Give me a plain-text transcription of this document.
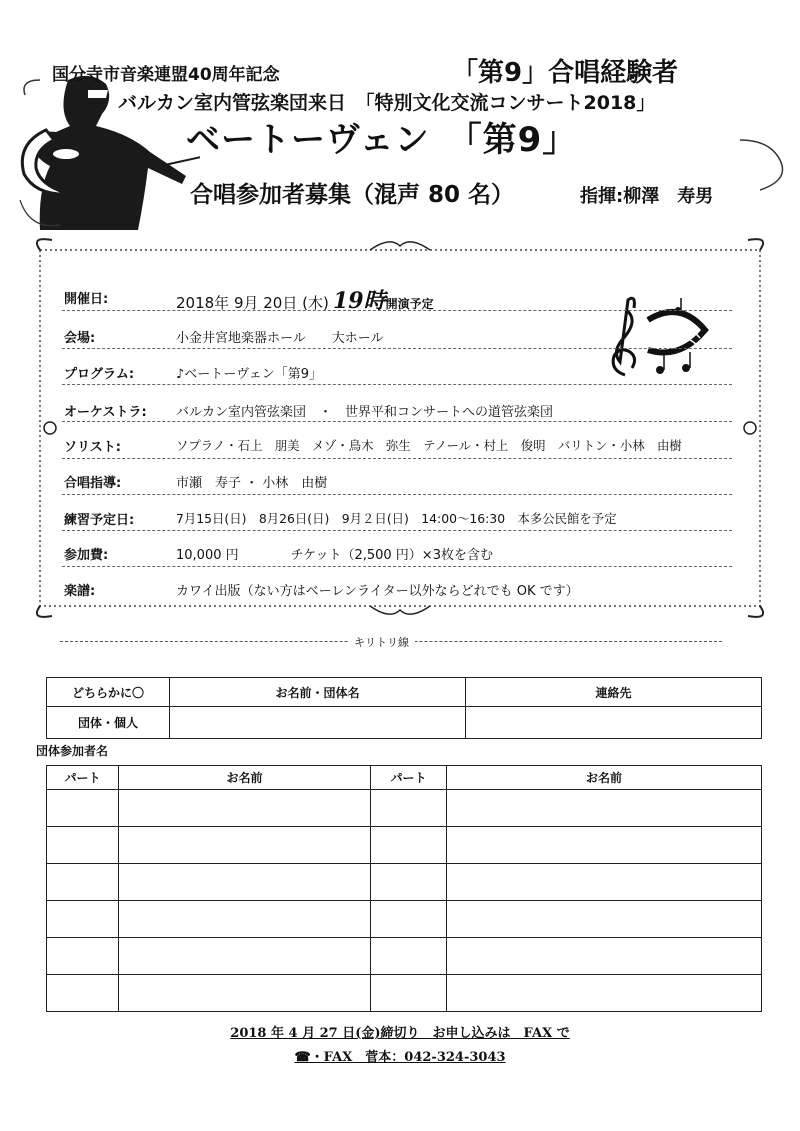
国分寺市音楽連盟40周年記念	「第9」合唱経験者
バルカン室内管弦楽団来日　「特別文化交流コンサート2018」
ベートーヴェン　「第9」
合唱参加者募集（混声 80 名）	指揮:柳澤　寿男
開催日:	2018年 9月 20日 (木) 19時開演予定
会場:	小金井宮地楽器ホール　　大ホール
プログラム:	♪ベートーヴェン「第9」
オーケストラ: バルカン室内管弦楽団　・　世界平和コンサートへの道管弦楽団
ソリスト:	ソプラノ・石上　朋美　メゾ・鳥木　弥生　テノール・村上　俊明　バリトン・小林　由樹
合唱指導:	市瀬　寿子 ・ 小林　由樹
練習予定日:	7月15日(日)　8月26日(日)　9月２日(日)　14:00〜16:30　本多公民館を予定
参加費:	10,000 円　　　　チケット（2,500 円）×3枚を含む
楽譜:	カワイ出版（ない方はベーレンライター以外ならどれでも OK です）
キリトリ線
どちらかに〇	お名前・団体名	連絡先
団体・個人		
団体参加者名
パート	お名前	パート	お名前

2018 年 4 月 27 日(金)締切り　お申し込みは　FAX で
☎・FAX　菅本：042-324-3043
